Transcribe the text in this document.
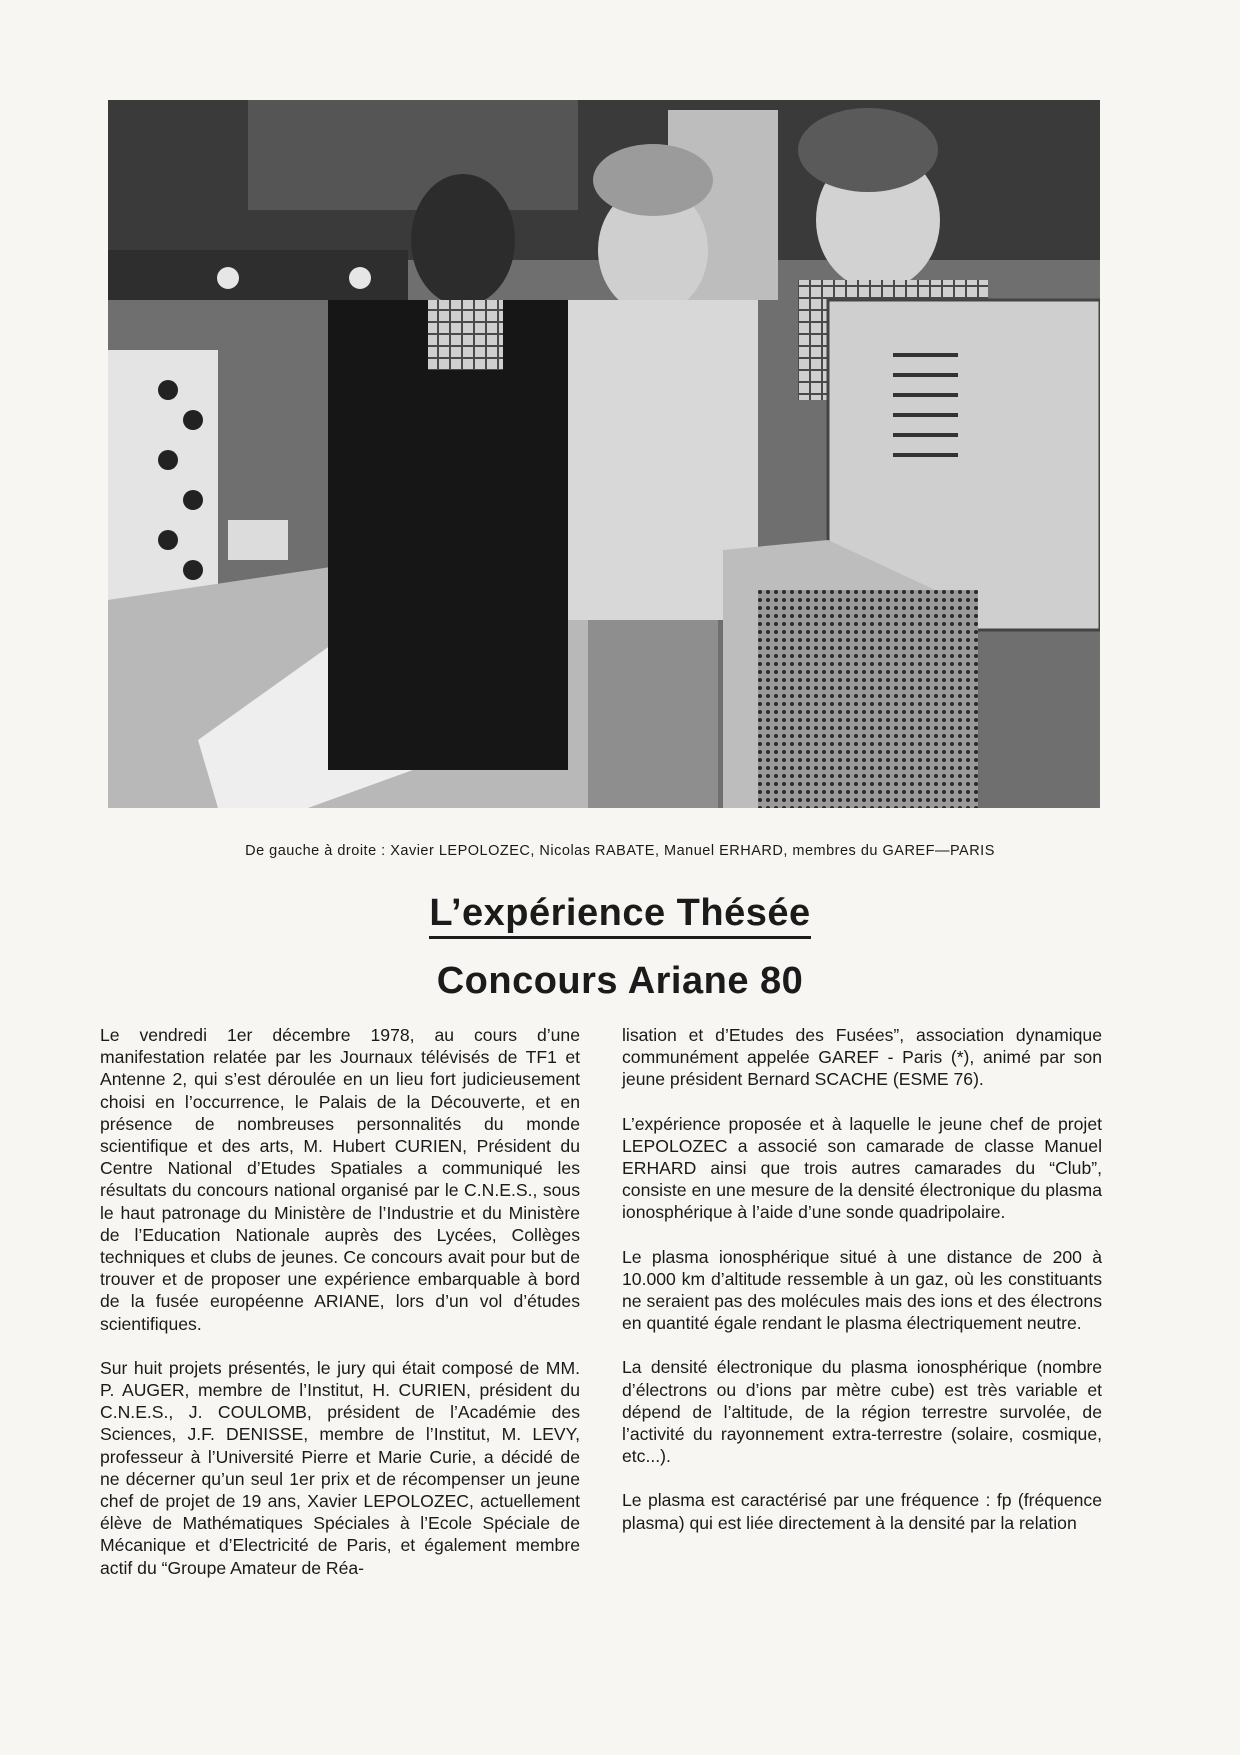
De gauche à droite : Xavier LEPOLOZEC, Nicolas RABATE, Manuel ERHARD, membres du GAREF—PARIS
L’expérience Thésée
Concours Ariane 80

Le vendredi 1er décembre 1978, au cours d’une manifestation relatée par les Journaux télévisés de TF1 et Antenne 2, qui s’est déroulée en un lieu fort judicieusement choisi en l’occurrence, le Palais de la Découverte, et en présence de nombreuses personnalités du monde scientifique et des arts, M. Hubert CURIEN, Président du Centre National d’Etudes Spatiales a communiqué les résultats du concours national organisé par le C.N.E.S., sous le haut patronage du Ministère de l’Industrie et du Ministère de l’Education Nationale auprès des Lycées, Collèges techniques et clubs de jeunes. Ce concours avait pour but de trouver et de proposer une expérience embarquable à bord de la fusée européenne ARIANE, lors d’un vol d’études scientifiques.

Sur huit projets présentés, le jury qui était composé de MM. P. AUGER, membre de l’Institut, H. CURIEN, président du C.N.E.S., J. COULOMB, président de l’Académie des Sciences, J.F. DENISSE, membre de l’Institut, M. LEVY, professeur à l’Université Pierre et Marie Curie, a décidé de ne décerner qu’un seul 1er prix et de récompenser un jeune chef de projet de 19 ans, Xavier LEPOLOZEC, actuellement élève de Mathématiques Spéciales à l’Ecole Spéciale de Mécanique et d’Electricité de Paris, et également membre actif du “Groupe Amateur de Réa-

lisation et d’Etudes des Fusées”, association dynamique communément appelée GAREF - Paris (*), animé par son jeune président Bernard SCACHE (ESME 76).

L’expérience proposée et à laquelle le jeune chef de projet LEPOLOZEC a associé son camarade de classe Manuel ERHARD ainsi que trois autres camarades du “Club”, consiste en une mesure de la densité électronique du plasma ionosphérique à l’aide d’une sonde quadripolaire.

Le plasma ionosphérique situé à une distance de 200 à 10.000 km d’altitude ressemble à un gaz, où les constituants ne seraient pas des molécules mais des ions et des électrons en quantité égale rendant le plasma électriquement neutre.

La densité électronique du plasma ionosphérique (nombre d’électrons ou d’ions par mètre cube) est très variable et dépend de l’altitude, de la région terrestre survolée, de l’activité du rayonnement extra-terrestre (solaire, cosmique, etc...).

Le plasma est caractérisé par une fréquence : fp (fréquence plasma) qui est liée directement à la densité par la relation
